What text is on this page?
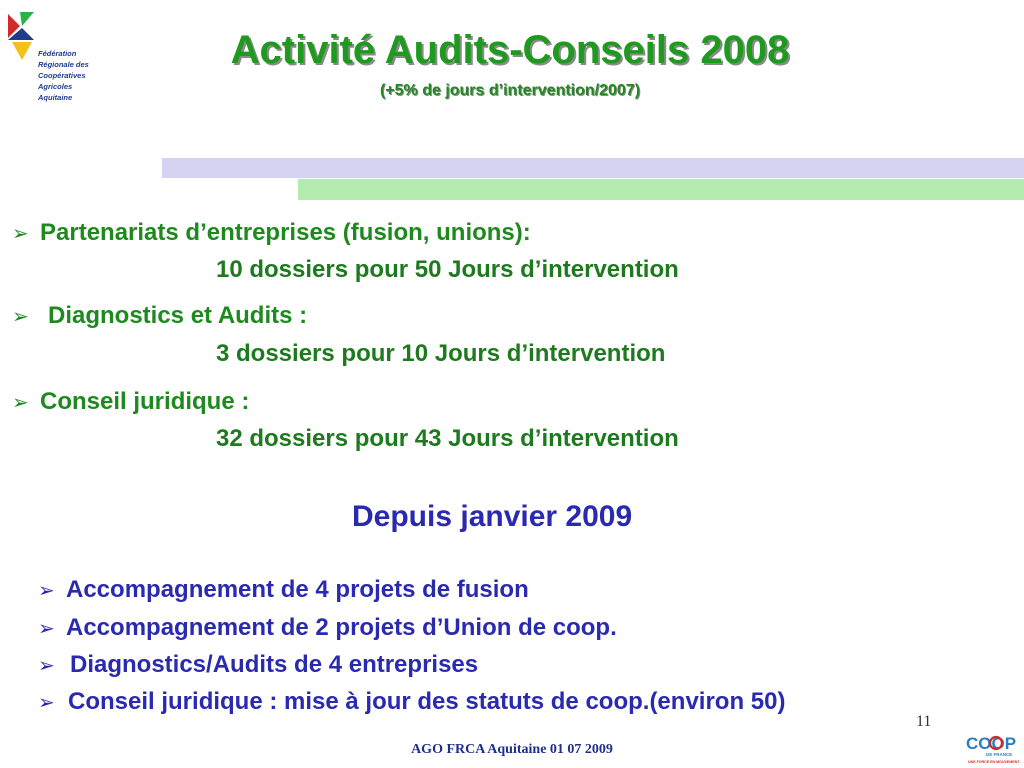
Fédération
Régionale des
Coopératives
Agricoles
Aquitaine
Activité Audits-Conseils 2008
(+5% de jours d’intervention/2007)
➢ Partenariats d’entreprises (fusion, unions):
10 dossiers pour 50 Jours d’intervention
➢ Diagnostics et Audits :
3 dossiers pour 10 Jours d’intervention
➢ Conseil juridique :
32 dossiers pour 43 Jours d’intervention
Depuis janvier 2009
➢ Accompagnement de 4 projets de fusion
➢ Accompagnement de 2 projets d’Union de coop.
➢ Diagnostics/Audits de 4 entreprises
➢ Conseil juridique : mise à jour des statuts de coop.(environ 50)
11
AGO FRCA Aquitaine 01 07 2009	COOP
DE FRANCE
UNE FORCE EN MOUVEMENT
